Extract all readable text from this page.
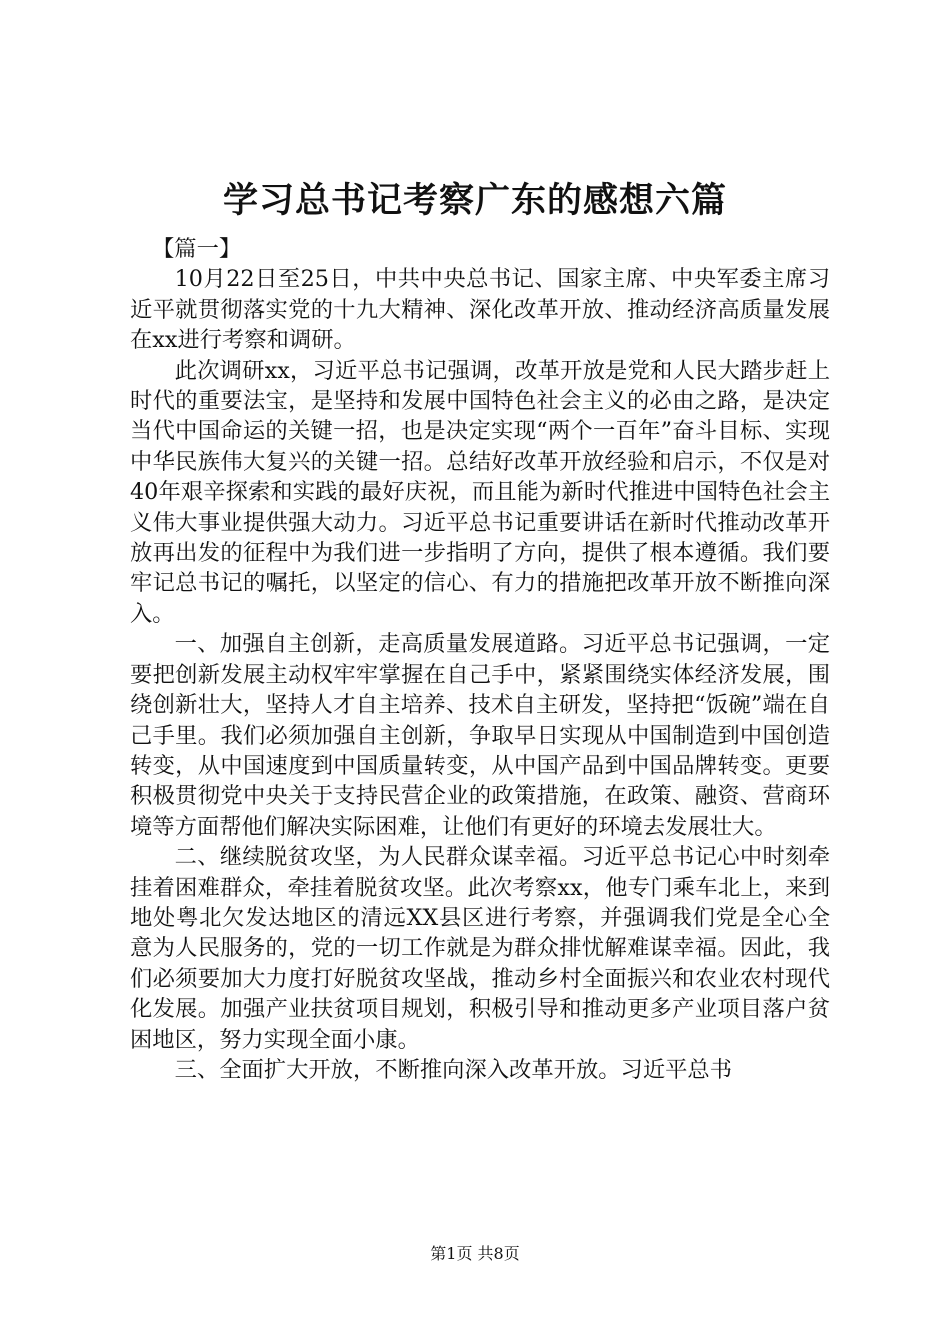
学习总书记考察广东的感想六篇

【篇一】

10月22日至25日，中共中央总书记、国家主席、中央军委主席习近平就贯彻落实党的十九大精神、深化改革开放、推动经济高质量发展在xx进行考察和调研。

此次调研xx，习近平总书记强调，改革开放是党和人民大踏步赶上时代的重要法宝，是坚持和发展中国特色社会主义的必由之路，是决定当代中国命运的关键一招，也是决定实现“两个一百年”奋斗目标、实现中华民族伟大复兴的关键一招。总结好改革开放经验和启示，不仅是对40年艰辛探索和实践的最好庆祝，而且能为新时代推进中国特色社会主义伟大事业提供强大动力。习近平总书记重要讲话在新时代推动改革开放再出发的征程中为我们进一步指明了方向，提供了根本遵循。我们要牢记总书记的嘱托，以坚定的信心、有力的措施把改革开放不断推向深入。

一、加强自主创新，走高质量发展道路。习近平总书记强调，一定要把创新发展主动权牢牢掌握在自己手中，紧紧围绕实体经济发展，围绕创新壮大，坚持人才自主培养、技术自主研发，坚持把“饭碗”端在自己手里。我们必须加强自主创新，争取早日实现从中国制造到中国创造转变，从中国速度到中国质量转变，从中国产品到中国品牌转变。更要积极贯彻党中央关于支持民营企业的政策措施，在政策、融资、营商环境等方面帮他们解决实际困难，让他们有更好的环境去发展壮大。

二、继续脱贫攻坚，为人民群众谋幸福。习近平总书记心中时刻牵挂着困难群众，牵挂着脱贫攻坚。此次考察xx，他专门乘车北上，来到地处粤北欠发达地区的清远XX县区进行考察，并强调我们党是全心全意为人民服务的，党的一切工作就是为群众排忧解难谋幸福。因此，我们必须要加大力度打好脱贫攻坚战，推动乡村全面振兴和农业农村现代化发展。加强产业扶贫项目规划，积极引导和推动更多产业项目落户贫困地区，努力实现全面小康。

三、全面扩大开放，不断推向深入改革开放。习近平总书

第1页 共8页
